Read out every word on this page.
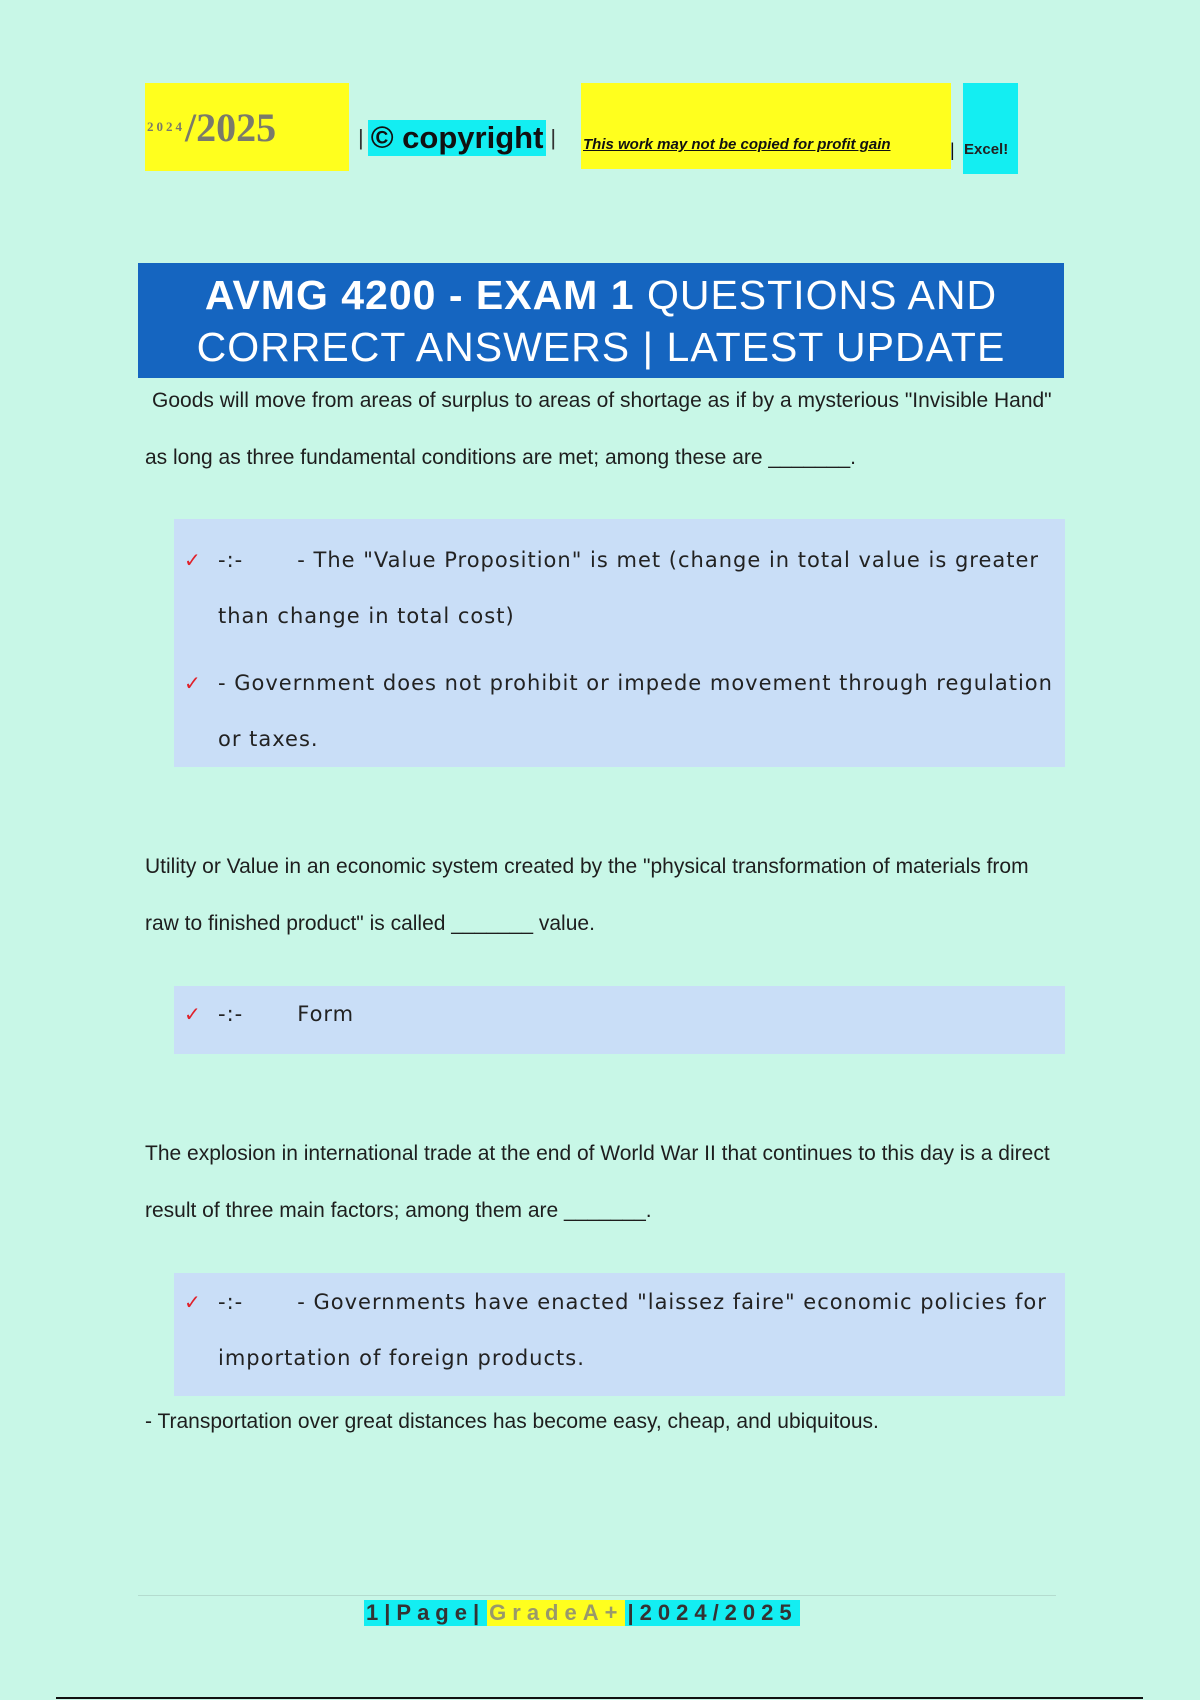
2024 /2025	| © copyright | This work may not be copied for profit gain	| Excel!
AVMG 4200 - EXAM 1 QUESTIONS AND
CORRECT ANSWERS | LATEST UPDATE
Goods will move from areas of surplus to areas of shortage as if by a mysterious "Invisible Hand" as long as three fundamental conditions are met; among these are _______.
✓ -:-	- The "Value Proposition" is met (change in total value is greater than change in total cost)
✓ - Government does not prohibit or impede movement through regulation or taxes.
Utility or Value in an economic system created by the "physical transformation of materials from raw to finished product" is called _______ value.
✓ -:-	Form
The explosion in international trade at the end of World War II that continues to this day is a direct result of three main factors; among them are _______.
✓ -:-	- Governments have enacted "laissez faire" economic policies for importation of foreign products.
- Transportation over great distances has become easy, cheap, and ubiquitous.
1|Page| GradeA+ |2024/2025
